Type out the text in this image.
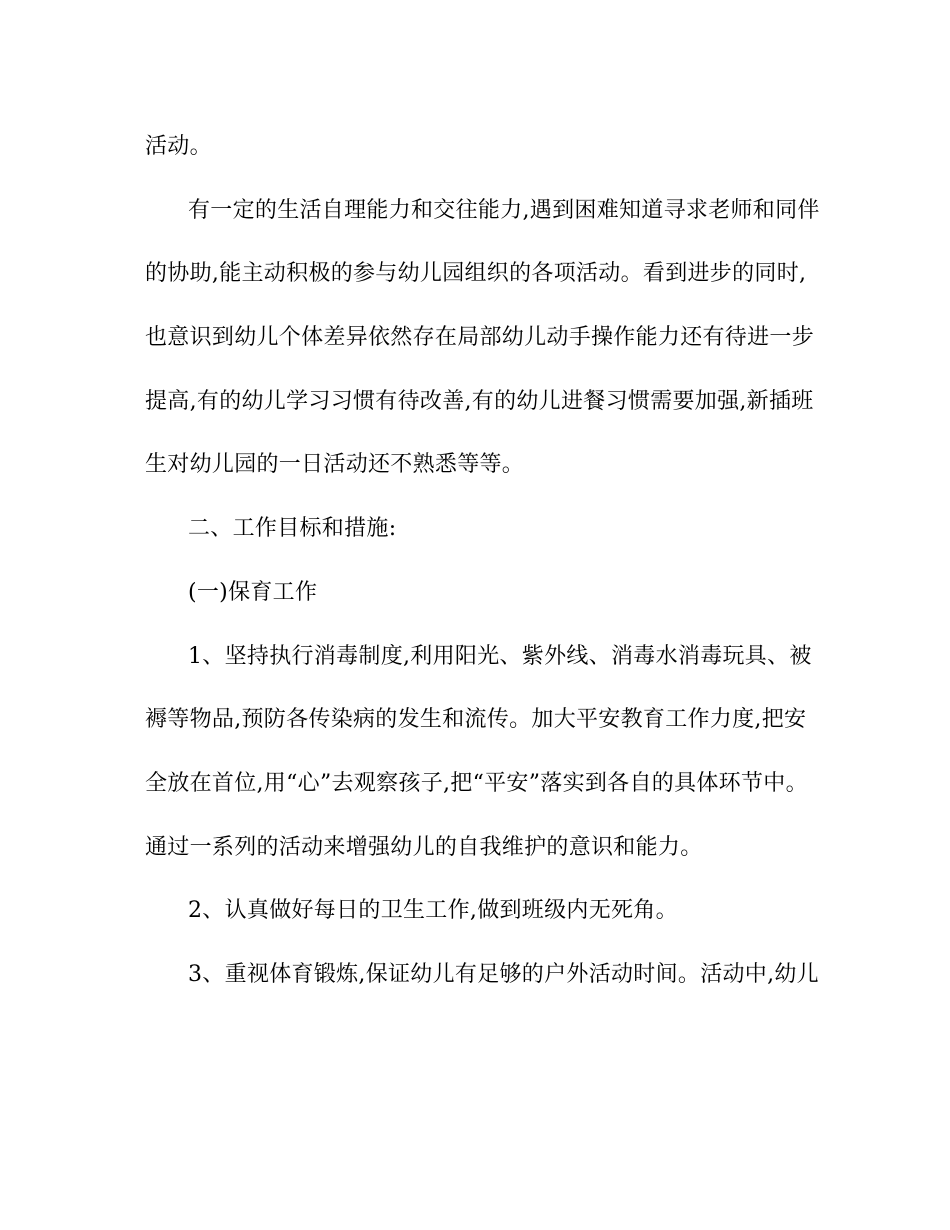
活动。
有一定的生活自理能力和交往能力,遇到困难知道寻求老师和同伴
的协助,能主动积极的参与幼儿园组织的各项活动。看到进步的同时,
也意识到幼儿个体差异依然存在局部幼儿动手操作能力还有待进一步
提高,有的幼儿学习习惯有待改善,有的幼儿进餐习惯需要加强,新插班
生对幼儿园的一日活动还不熟悉等等。
二、工作目标和措施:
(一)保育工作
1、坚持执行消毒制度,利用阳光、紫外线、消毒水消毒玩具、被
褥等物品,预防各传染病的发生和流传。加大平安教育工作力度,把安
全放在首位,用“心”去观察孩子,把“平安”落实到各自的具体环节中。
通过一系列的活动来增强幼儿的自我维护的意识和能力。
2、认真做好每日的卫生工作,做到班级内无死角。
3、重视体育锻炼,保证幼儿有足够的户外活动时间。活动中,幼儿
